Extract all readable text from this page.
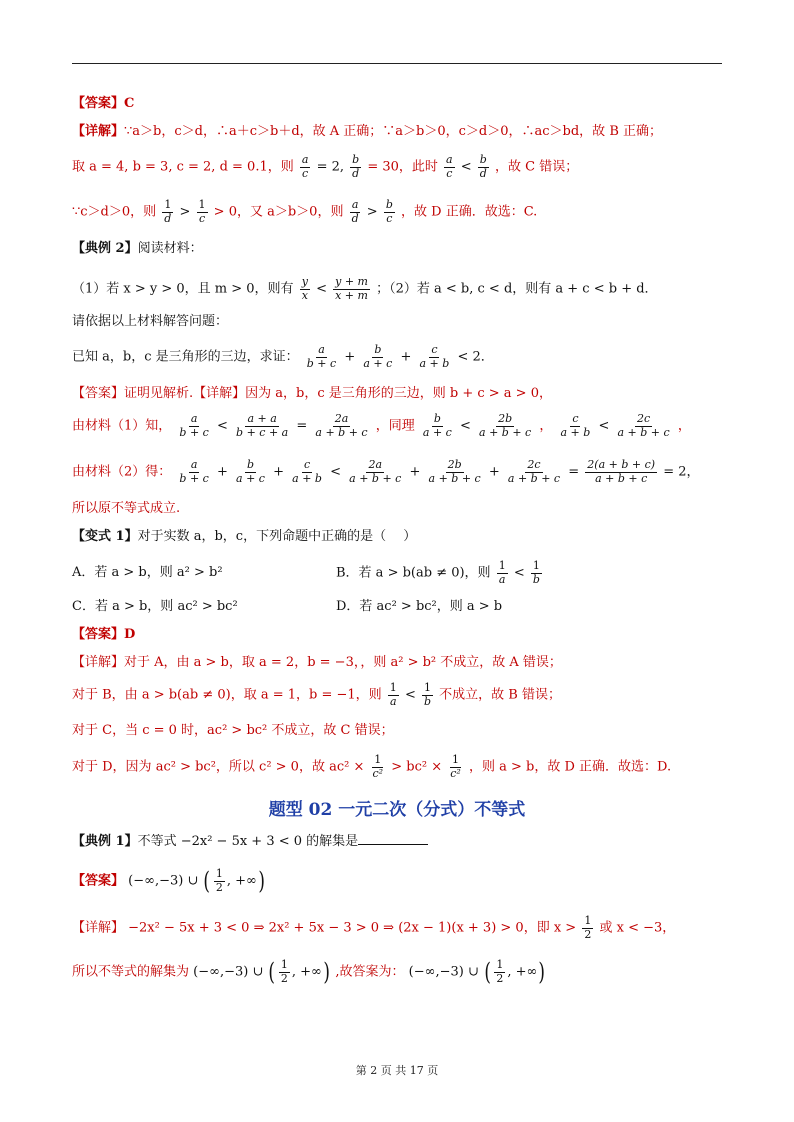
【答案】C
【详解】∵a＞b，c＞d，∴a＋c＞b＋d，故 A 正确；∵a＞b＞0，c＞d＞0，∴ac＞bd，故 B 正确；
取 a = 4, b = 3, c = 2, d = 0.1，则 $\frac{a}{c} = 2$, $\frac{b}{d} = 30$，此时 $\frac{a}{c} < \frac{b}{d}$ ，故 C 错误；
∵c＞d＞0，则 $\frac{1}{d} > \frac{1}{c} > 0$，又 a＞b＞0，则 $\frac{a}{d} > \frac{b}{c}$ ，故 D 正确．故选：C.
【典例 2】阅读材料：
（1）若 x > y > 0，且 m > 0，则有 $\frac{y}{x} < \frac{y + m}{x + m}$ ；（2）若 a < b, c < d，则有 a + c < b + d．
请依据以上材料解答问题：
已知 a，b，c 是三角形的三边，求证： $\frac{a}{b + c} + \frac{b}{a + c} + \frac{c}{a + b} < 2$．
【答案】证明见解析.【详解】因为 a，b，c 是三角形的三边，则 b + c > a > 0，
由材料（1）知， $\frac{a}{b + c} < \frac{a + a}{b + c + a} = \frac{2a}{a + b + c}$ ，同理 $\frac{b}{a + c} < \frac{2b}{a + b + c}$ ， $\frac{c}{a + b} < \frac{2c}{a + b + c}$ ，
由材料（2）得： $\frac{a}{b + c} + \frac{b}{a + c} + \frac{c}{a + b} < \frac{2a}{a + b + c} + \frac{2b}{a + b + c} + \frac{2c}{a + b + c} = \frac{2(a + b + c)}{a + b + c} = 2$，
所以原不等式成立.
【变式 1】对于实数 a，b，c，下列命题中正确的是（　 ）
A．若 a > b，则 a² > b²	B．若 a > b(ab ≠ 0)，则 $\frac{1}{a} < \frac{1}{b}$
C．若 a > b，则 ac² > bc²	D．若 ac² > bc²，则 a > b
【答案】D
【详解】对于 A，由 a > b，取 a = 2，b = −3，，则 a² > b² 不成立，故 A 错误；
对于 B，由 a > b(ab ≠ 0)，取 a = 1，b = −1，则 $\frac{1}{a} < \frac{1}{b}$ 不成立，故 B 错误；
对于 C，当 c = 0 时，ac² > bc² 不成立，故 C 错误；
对于 D，因为 ac² > bc²，所以 c² > 0，故 $ac^2 \times \frac{1}{\text{c²}} > bc^2 \times \frac{1}{\text{c²}}$ ，则 a > b，故 D 正确．故选：D.
题型 02 一元二次（分式）不等式
【典例 1】不等式 −2x² − 5x + 3 < 0 的解集是
【答案】 (−∞,−3) ∪ ( $\frac{1}{2}$ , +∞)
【详解】 −2x² − 5x + 3 < 0 ⇒ 2x² + 5x − 3 > 0 ⇒ (2x − 1)(x + 3) > 0，即 $x > \frac{1}{2}$ 或 x < −3，
所以不等式的解集为 (−∞,−3) ∪ ( $\frac{1}{2}$ , +∞) ,故答案为： (−∞,−3) ∪ ( $\frac{1}{2}$ , +∞)
第 2 页 共 17 页
